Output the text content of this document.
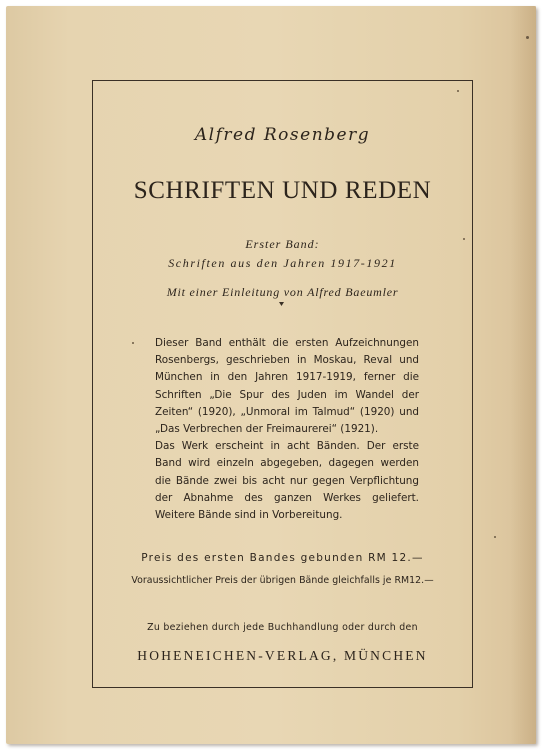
Alfred Rosenberg
SCHRIFTEN UND REDEN
Erster Band:
Schriften aus den Jahren 1917-1921
Mit einer Einleitung von Alfred Baeumler

Dieser Band enthält die ersten Aufzeichnungen Rosenbergs, geschrieben in Moskau, Reval und München in den Jahren 1917-1919, ferner die Schriften „Die Spur des Juden im Wandel der Zeiten“ (1920), „Unmoral im Talmud“ (1920) und „Das Verbrechen der Freimaurerei“ (1921).

Das Werk erscheint in acht Bänden. Der erste Band wird einzeln abgegeben, dagegen werden die Bände zwei bis acht nur gegen Verpflichtung der Abnahme des ganzen Werkes geliefert. Weitere Bände sind in Vorbereitung.

Preis des ersten Bandes gebunden RM 12.—
Voraussichtlicher Preis der übrigen Bände gleichfalls je RM12.—
Zu beziehen durch jede Buchhandlung oder durch den
HOHENEICHEN-VERLAG, MÜNCHEN
